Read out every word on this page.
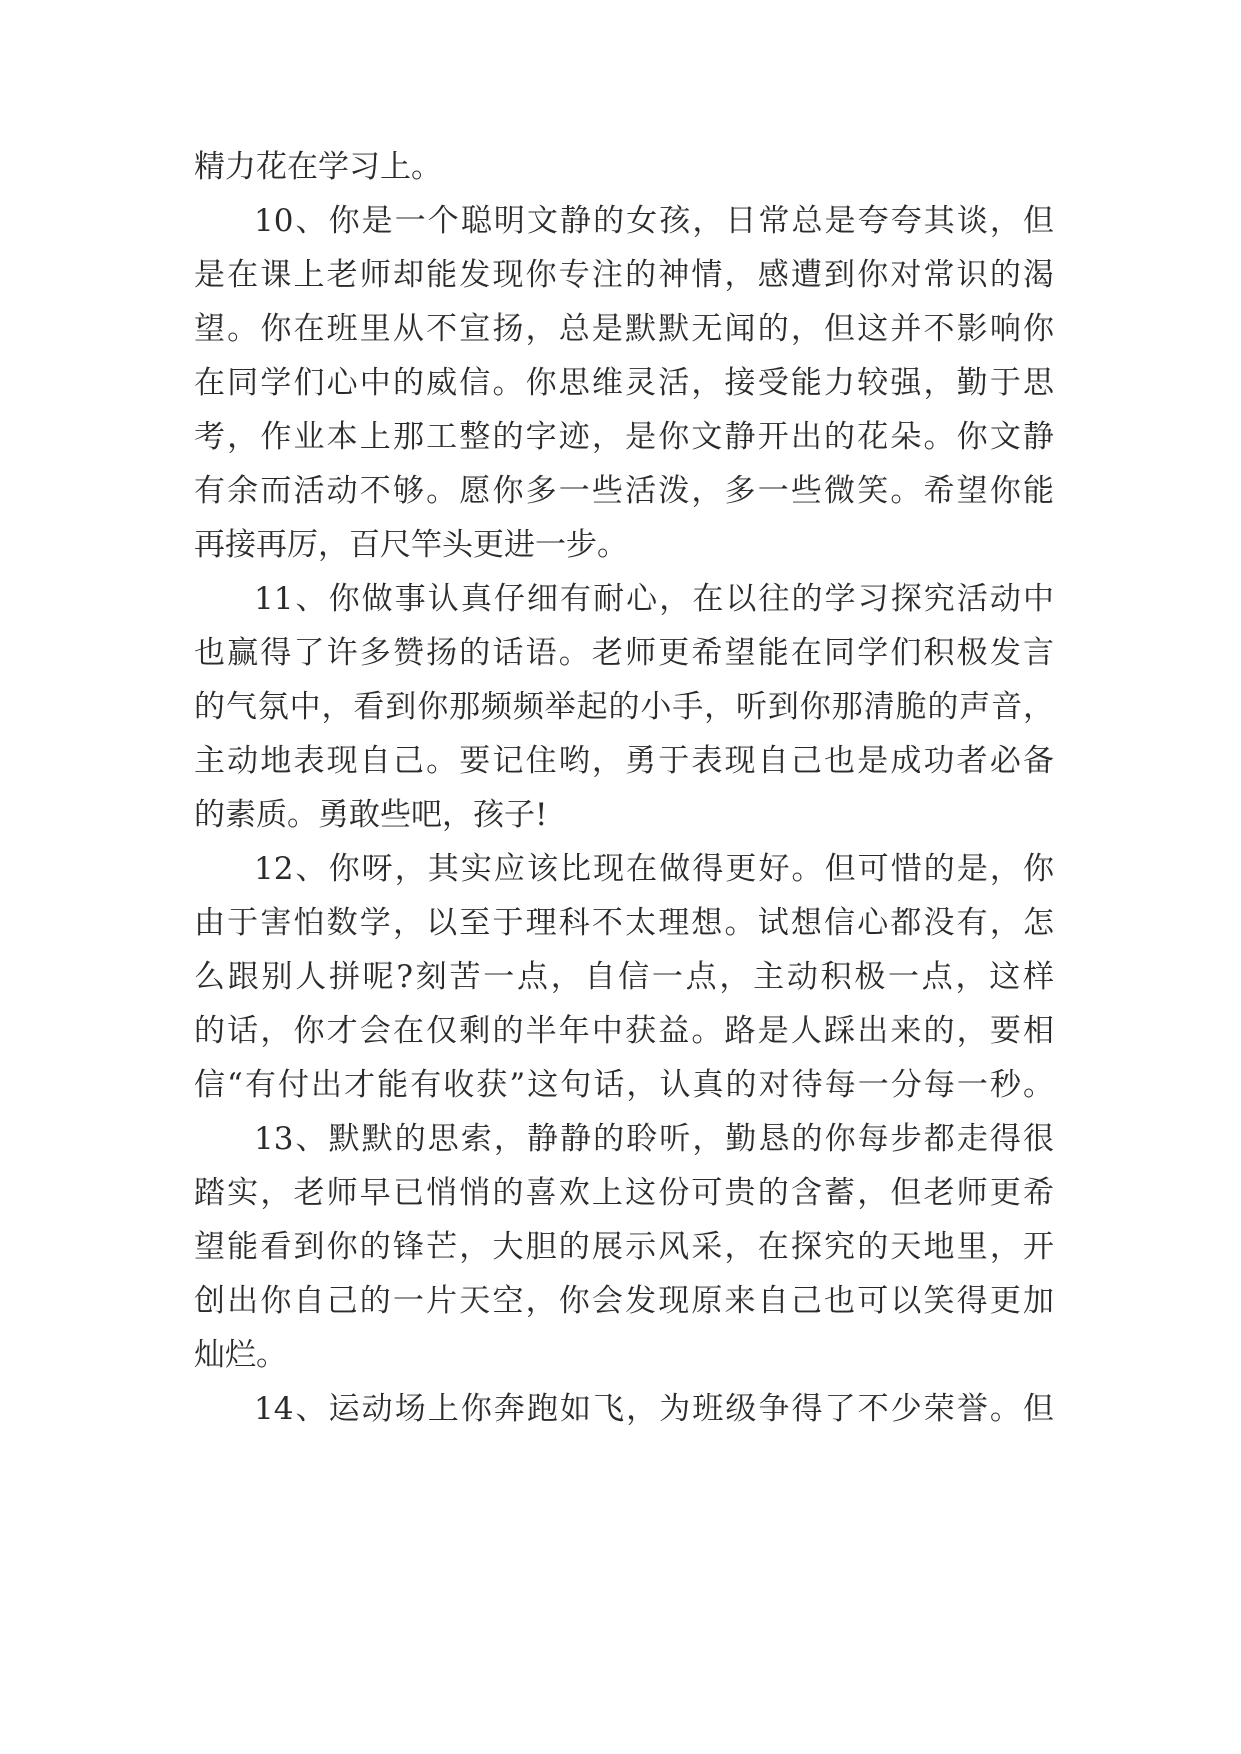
精力花在学习上。

10、你是一个聪明文静的女孩，日常总是夸夸其谈，但

是在课上老师却能发现你专注的神情，感遭到你对常识的渴

望。你在班里从不宣扬，总是默默无闻的，但这并不影响你

在同学们心中的威信。你思维灵活，接受能力较强，勤于思

考，作业本上那工整的字迹，是你文静开出的花朵。你文静

有余而活动不够。愿你多一些活泼，多一些微笑。希望你能

再接再厉，百尺竿头更进一步。

11、你做事认真仔细有耐心，在以往的学习探究活动中

也赢得了许多赞扬的话语。老师更希望能在同学们积极发言

的气氛中，看到你那频频举起的小手，听到你那清脆的声音，

主动地表现自己。要记住哟，勇于表现自己也是成功者必备

的素质。勇敢些吧，孩子!

12、你呀，其实应该比现在做得更好。但可惜的是，你

由于害怕数学，以至于理科不太理想。试想信心都没有，怎

么跟别人拼呢?刻苦一点，自信一点，主动积极一点，这样

的话，你才会在仅剩的半年中获益。路是人踩出来的，要相

信“有付出才能有收获”这句话，认真的对待每一分每一秒。

13、默默的思索，静静的聆听，勤恳的你每步都走得很

踏实，老师早已悄悄的喜欢上这份可贵的含蓄，但老师更希

望能看到你的锋芒，大胆的展示风采，在探究的天地里，开

创出你自己的一片天空，你会发现原来自己也可以笑得更加

灿烂。

14、运动场上你奔跑如飞，为班级争得了不少荣誉。但
